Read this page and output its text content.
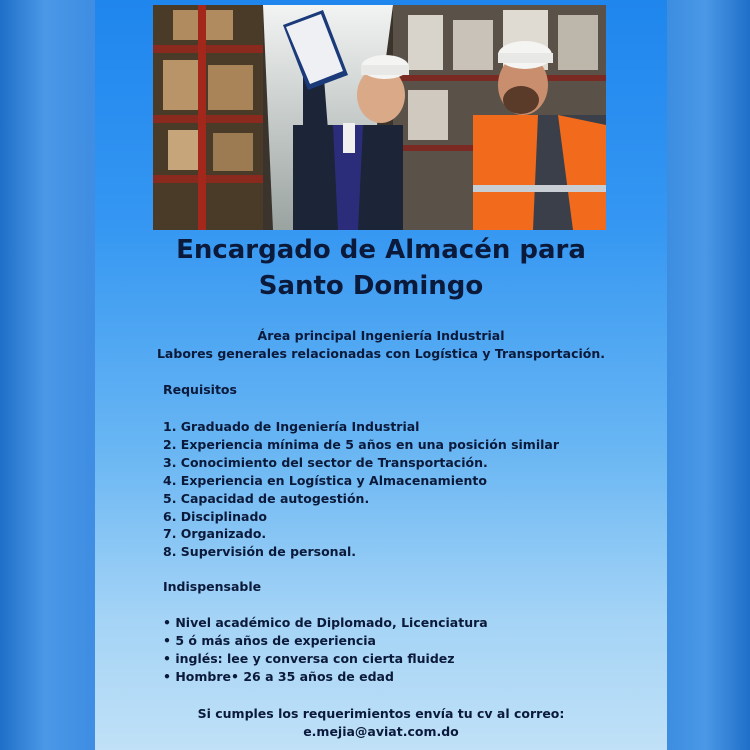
Encargado de Almacén para
Santo Domingo
Área principal Ingeniería Industrial
Labores generales relacionadas con Logística y Transportación.
Requisitos
1. Graduado de Ingeniería Industrial
2. Experiencia mínima de 5 años en una posición similar
3. Conocimiento del sector de Transportación.
4. Experiencia en Logística y Almacenamiento
5. Capacidad de autogestión.
6. Disciplinado
7. Organizado.
8. Supervisión de personal.
Indispensable
• Nivel académico de Diplomado, Licenciatura
• 5 ó más años de experiencia
• inglés: lee y conversa con cierta fluidez
• Hombre• 26 a 35 años de edad
Si cumples los requerimientos envía tu cv al correo:
e.mejia@aviat.com.do
